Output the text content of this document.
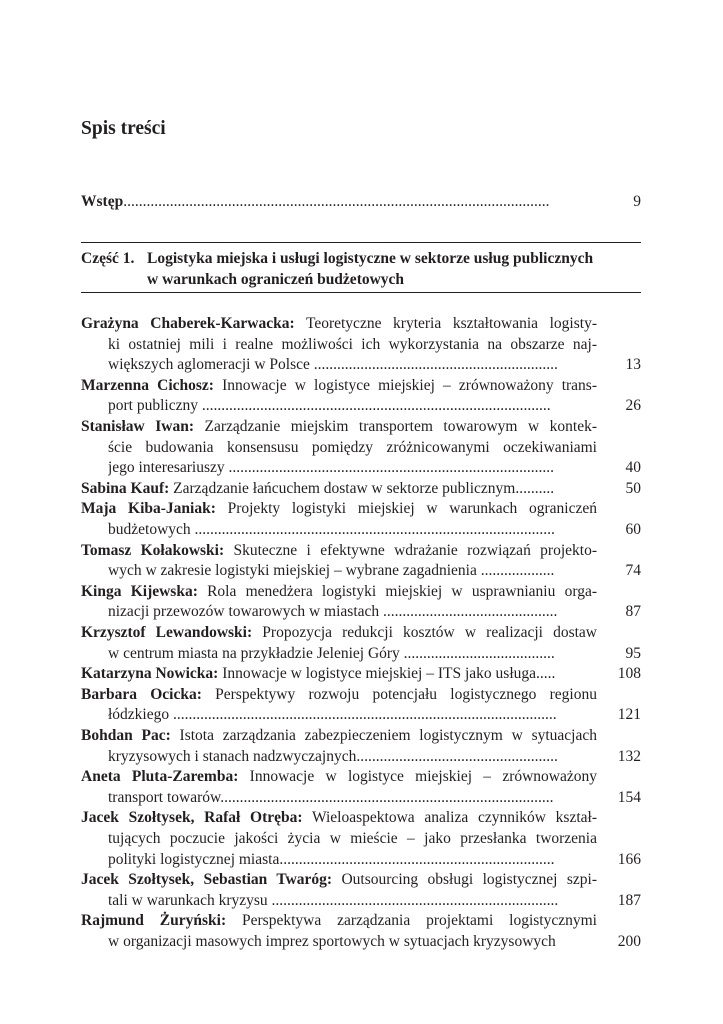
Spis treści
Wstęp..............................................................................................................	9
Część 1. Logistyka miejska i usługi logistyczne w sektorze usług publicznych
w warunkach ograniczeń budżetowych
Grażyna Chaberek-Karwacka: Teoretyczne kryteria kształtowania logisty-
ki ostatniej mili i realne możliwości ich wykorzystania na obszarze naj-
większych aglomeracji w Polsce ...............................................................	13
Marzenna Cichosz: Innowacje w logistyce miejskiej – zrównoważony trans-
port publiczny ..........................................................................................	26
Stanisław Iwan: Zarządzanie miejskim transportem towarowym w kontek-
ście budowania konsensusu pomiędzy zróżnicowanymi oczekiwaniami
jego interesariuszy ....................................................................................	40
Sabina Kauf: Zarządzanie łańcuchem dostaw w sektorze publicznym..........	50
Maja Kiba-Janiak: Projekty logistyki miejskiej w warunkach ograniczeń
budżetowych .............................................................................................	60
Tomasz Kołakowski: Skuteczne i efektywne wdrażanie rozwiązań projekto-
wych w zakresie logistyki miejskiej – wybrane zagadnienia ...................	74
Kinga Kijewska: Rola menedżera logistyki miejskiej w usprawnianiu orga-
nizacji przewozów towarowych w miastach .............................................	87
Krzysztof Lewandowski: Propozycja redukcji kosztów w realizacji dostaw
w centrum miasta na przykładzie Jeleniej Góry .......................................	95
Katarzyna Nowicka: Innowacje w logistyce miejskiej – ITS jako usługa.....	108
Barbara Ocicka: Perspektywy rozwoju potencjału logistycznego regionu
łódzkiego ...................................................................................................	121
Bohdan Pac: Istota zarządzania zabezpieczeniem logistycznym w sytuacjach
kryzysowych i stanach nadzwyczajnych....................................................	132
Aneta Pluta-Zaremba: Innowacje w logistyce miejskiej – zrównoważony
transport towarów......................................................................................	154
Jacek Szołtysek, Rafał Otręba: Wieloaspektowa analiza czynników kształ-
tujących poczucie jakości życia w mieście – jako przesłanka tworzenia
polityki logistycznej miasta.......................................................................	166
Jacek Szołtysek, Sebastian Twaróg: Outsourcing obsługi logistycznej szpi-
tali w warunkach kryzysu ..........................................................................	187
Rajmund Żuryński: Perspektywa zarządzania projektami logistycznymi
w organizacji masowych imprez sportowych w sytuacjach kryzysowych	200
